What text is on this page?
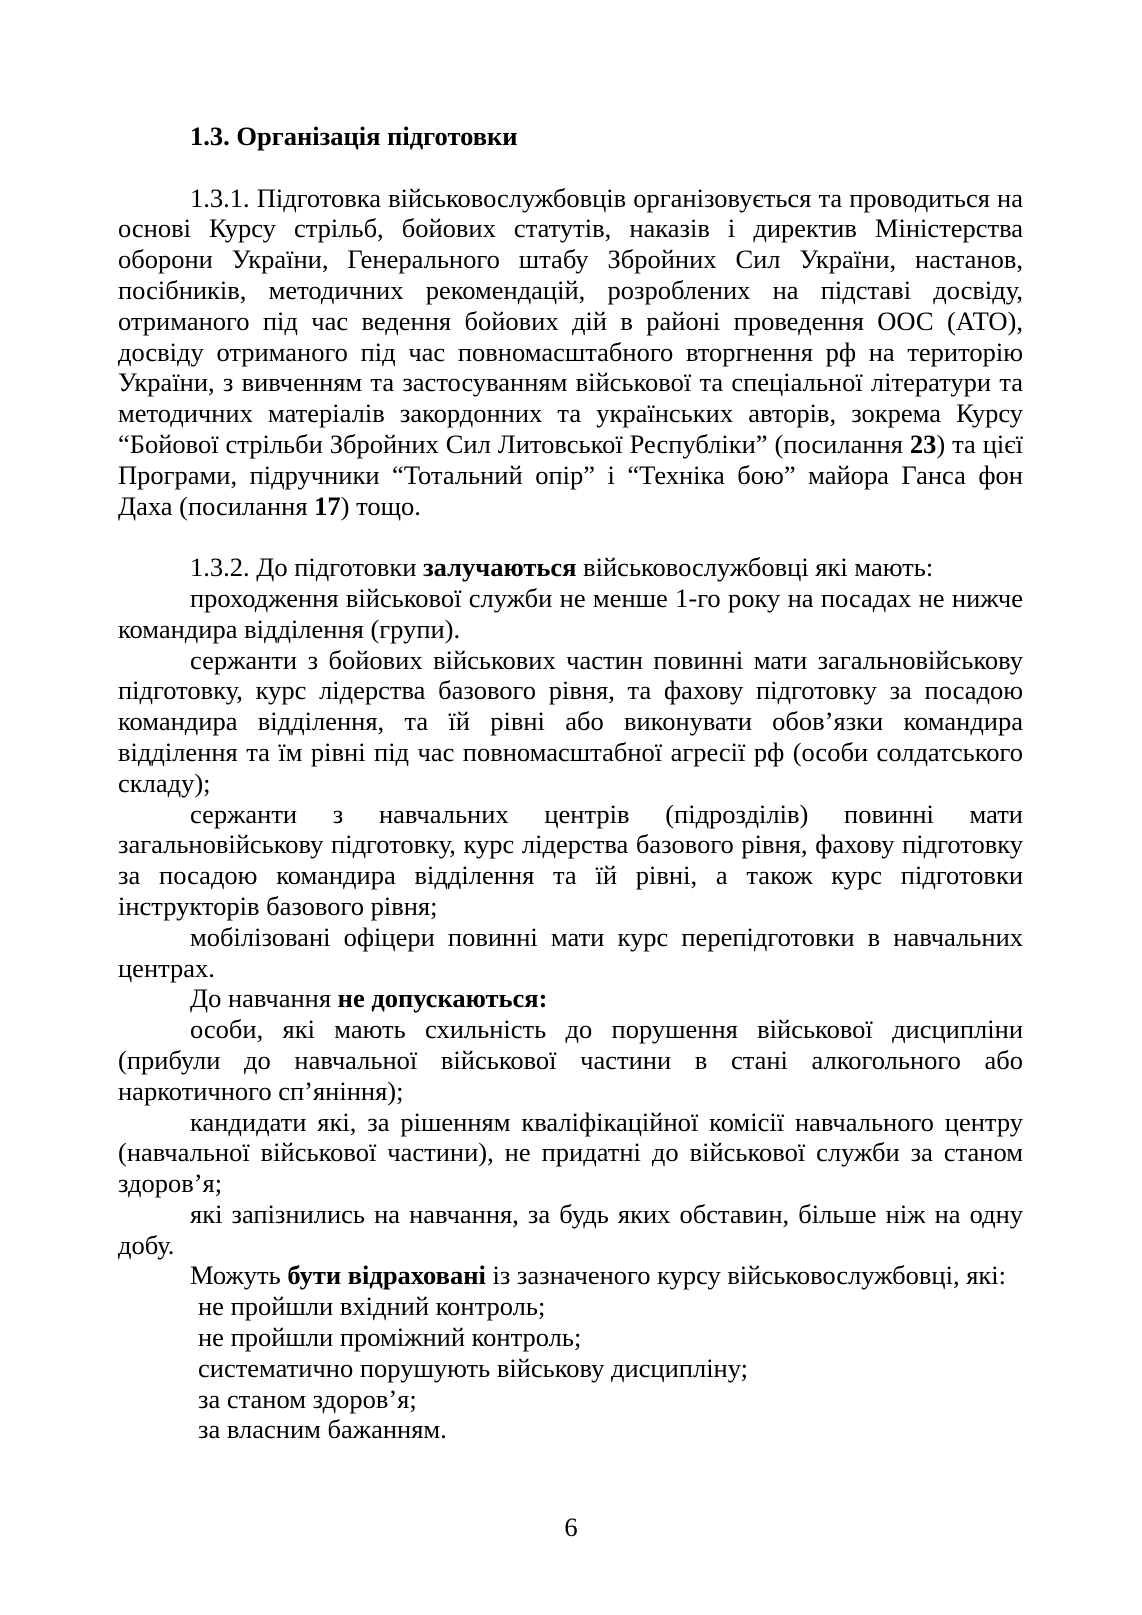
1.3. Організація підготовки

1.3.1. Підготовка військовослужбовців організовується та проводиться на основі Курсу стрільб, бойових статутів, наказів і директив Міністерства оборони України, Генерального штабу Збройних Сил України, настанов, посібників, методичних рекомендацій, розроблених на підставі досвіду, отриманого під час ведення бойових дій в районі проведення ООС (АТО), досвіду отриманого під час повномасштабного вторгнення рф на територію України, з вивченням та застосуванням військової та спеціальної літератури та методичних матеріалів закордонних та українських авторів, зокрема Курсу “Бойової стрільби Збройних Сил Литовської Республіки” (посилання 23) та цієї Програми, підручники “Тотальний опір” і “Техніка бою” майора Ганса фон Даха (посилання 17) тощо.

1.3.2. До підготовки залучаються військовослужбовці які мають:

проходження військової служби не менше 1-го року на посадах не нижче командира відділення (групи).

сержанти з бойових військових частин повинні мати загальновійськову підготовку, курс лідерства базового рівня, та фахову підготовку за посадою командира відділення, та їй рівні або виконувати обов’язки командира відділення та їм рівні під час повномасштабної агресії рф (особи солдатського складу);

сержанти з навчальних центрів (підрозділів) повинні мати загальновійськову підготовку, курс лідерства базового рівня, фахову підготовку за посадою командира відділення та їй рівні, а також курс підготовки інструкторів базового рівня;

мобілізовані офіцери повинні мати курс перепідготовки в навчальних центрах.

До навчання не допускаються:

особи, які мають схильність до порушення військової дисципліни (прибули до навчальної військової частини в стані алкогольного або наркотичного сп’яніння);

кандидати які, за рішенням кваліфікаційної комісії навчального центру (навчальної військової частини), не придатні до військової служби за станом здоров’я;

які запізнились на навчання, за будь яких обставин, більше ніж на одну добу.

Можуть бути відраховані із зазначеного курсу військовослужбовці, які:

не пройшли вхідний контроль;

не пройшли проміжний контроль;

систематично порушують військову дисципліну;

за станом здоров’я;

за власним бажанням.

6
